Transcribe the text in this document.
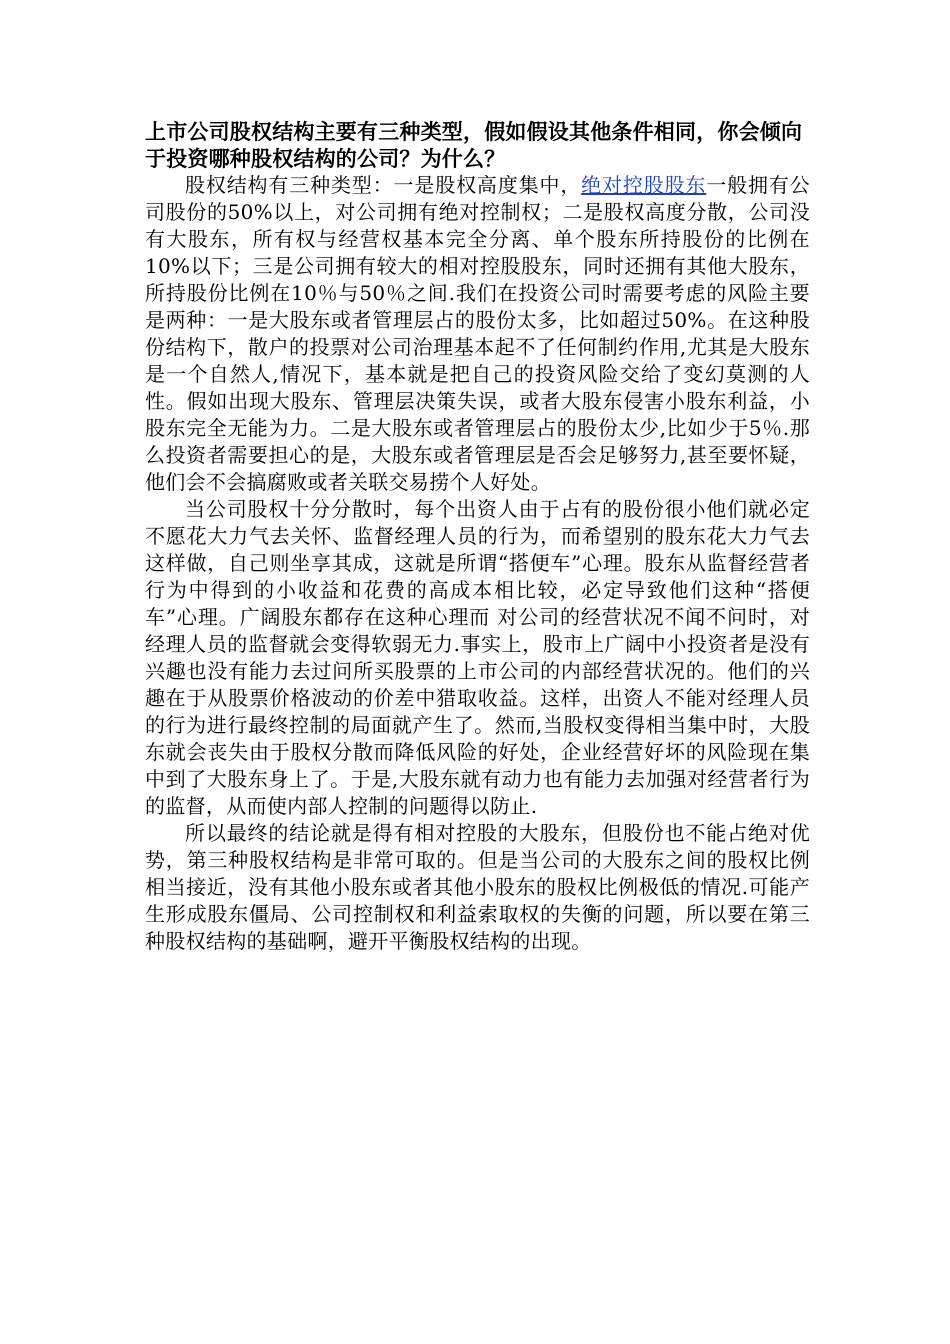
上市公司股权结构主要有三种类型，假如假设其他条件相同，你会倾向于投资哪种股权结构的公司？为什么？

股权结构有三种类型：一是股权高度集中，绝对控股股东一般拥有公司股份的50%以上，对公司拥有绝对控制权；二是股权高度分散，公司没有大股东，所有权与经营权基本完全分离、单个股东所持股份的比例在10%以下；三是公司拥有较大的相对控股股东，同时还拥有其他大股东，所持股份比例在10％与50％之间.我们在投资公司时需要考虑的风险主要是两种：一是大股东或者管理层占的股份太多，比如超过50%。在这种股份结构下，散户的投票对公司治理基本起不了任何制约作用,尤其是大股东是一个自然人,情况下，基本就是把自己的投资风险交给了变幻莫测的人性。假如出现大股东、管理层决策失误，或者大股东侵害小股东利益，小股东完全无能为力。二是大股东或者管理层占的股份太少,比如少于5％.那么投资者需要担心的是，大股东或者管理层是否会足够努力,甚至要怀疑，他们会不会搞腐败或者关联交易捞个人好处。

当公司股权十分分散时，每个出资人由于占有的股份很小他们就必定不愿花大力气去关怀、监督经理人员的行为，而希望别的股东花大力气去这样做，自己则坐享其成，这就是所谓“搭便车”心理。股东从监督经营者行为中得到的小收益和花费的高成本相比较，必定导致他们这种“搭便车”心理。广阔股东都存在这种心理而 对公司的经营状况不闻不问时，对经理人员的监督就会变得软弱无力.事实上，股市上广阔中小投资者是没有兴趣也没有能力去过问所买股票的上市公司的内部经营状况的。他们的兴趣在于从股票价格波动的价差中猎取收益。这样，出资人不能对经理人员的行为进行最终控制的局面就产生了。然而,当股权变得相当集中时，大股东就会丧失由于股权分散而降低风险的好处，企业经营好坏的风险现在集中到了大股东身上了。于是,大股东就有动力也有能力去加强对经营者行为的监督，从而使内部人控制的问题得以防止.

所以最终的结论就是得有相对控股的大股东，但股份也不能占绝对优势，第三种股权结构是非常可取的。但是当公司的大股东之间的股权比例相当接近，没有其他小股东或者其他小股东的股权比例极低的情况.可能产生形成股东僵局、公司控制权和利益索取权的失衡的问题，所以要在第三种股权结构的基础啊，避开平衡股权结构的出现。
